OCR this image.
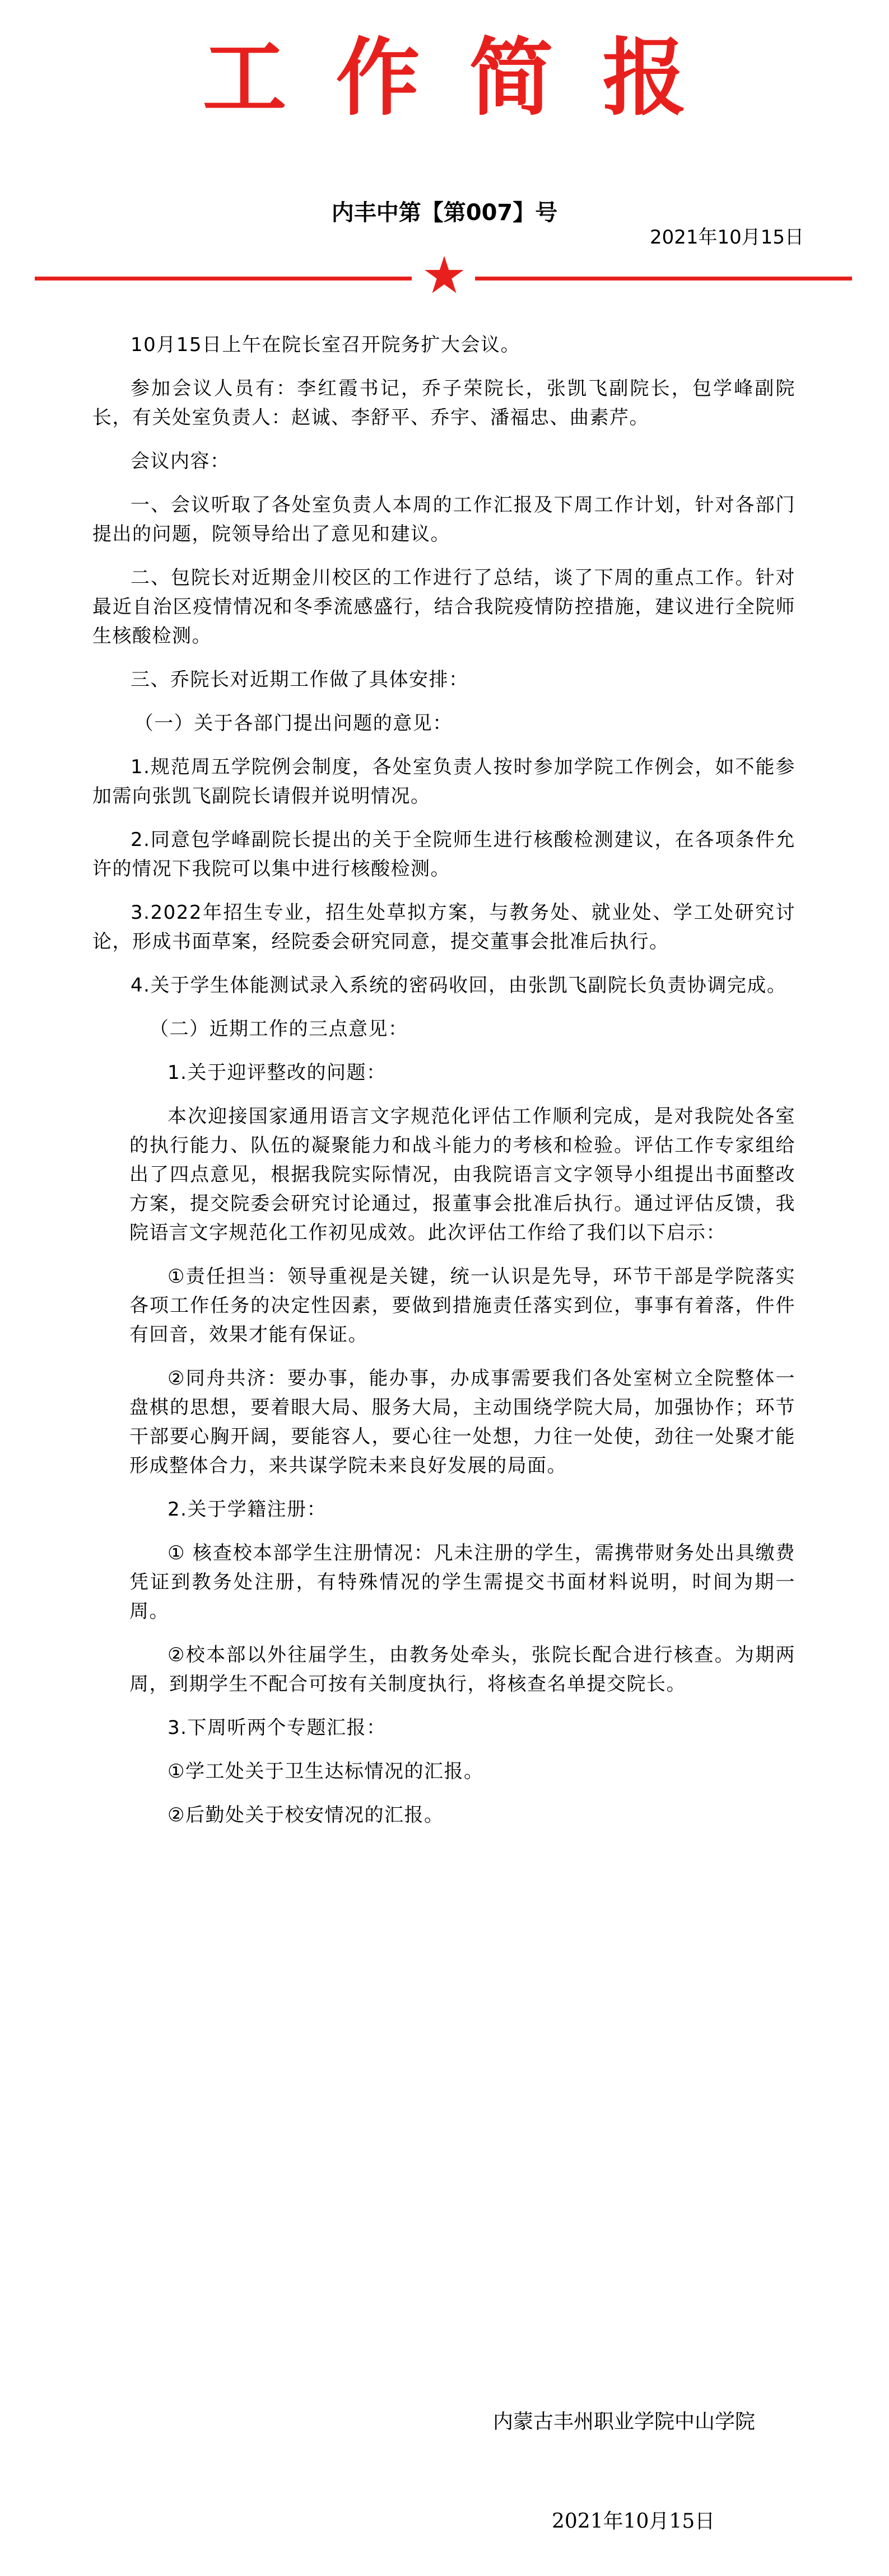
工作简报
内丰中第【第007】号
2021年10月15日

10月15日上午在院长室召开院务扩大会议。

参加会议人员有：李红霞书记，乔子荣院长，张凯飞副院长，包学峰副院长，有关处室负责人：赵诚、李舒平、乔宇、潘福忠、曲素芹。

会议内容：

一、会议听取了各处室负责人本周的工作汇报及下周工作计划，针对各部门提出的问题，院领导给出了意见和建议。

二、包院长对近期金川校区的工作进行了总结，谈了下周的重点工作。针对最近自治区疫情情况和冬季流感盛行，结合我院疫情防控措施，建议进行全院师生核酸检测。

三、乔院长对近期工作做了具体安排：

（一）关于各部门提出问题的意见：

1.规范周五学院例会制度，各处室负责人按时参加学院工作例会，如不能参加需向张凯飞副院长请假并说明情况。

2.同意包学峰副院长提出的关于全院师生进行核酸检测建议，在各项条件允许的情况下我院可以集中进行核酸检测。

3.2022年招生专业，招生处草拟方案，与教务处、就业处、学工处研究讨论，形成书面草案，经院委会研究同意，提交董事会批准后执行。

4.关于学生体能测试录入系统的密码收回，由张凯飞副院长负责协调完成。

（二）近期工作的三点意见：

1.关于迎评整改的问题：

本次迎接国家通用语言文字规范化评估工作顺利完成，是对我院处各室的执行能力、队伍的凝聚能力和战斗能力的考核和检验。评估工作专家组给出了四点意见，根据我院实际情况，由我院语言文字领导小组提出书面整改方案，提交院委会研究讨论通过，报董事会批准后执行。通过评估反馈，我院语言文字规范化工作初见成效。此次评估工作给了我们以下启示：

①责任担当：领导重视是关键，统一认识是先导，环节干部是学院落实各项工作任务的决定性因素，要做到措施责任落实到位，事事有着落，件件有回音，效果才能有保证。

②同舟共济：要办事，能办事，办成事需要我们各处室树立全院整体一盘棋的思想，要着眼大局、服务大局，主动围绕学院大局，加强协作；环节干部要心胸开阔，要能容人，要心往一处想，力往一处使，劲往一处聚才能形成整体合力，来共谋学院未来良好发展的局面。

2.关于学籍注册：

① 核查校本部学生注册情况：凡未注册的学生，需携带财务处出具缴费凭证到教务处注册，有特殊情况的学生需提交书面材料说明，时间为期一周。

②校本部以外往届学生，由教务处牵头，张院长配合进行核查。为期两周，到期学生不配合可按有关制度执行，将核查名单提交院长。

3.下周听两个专题汇报：

①学工处关于卫生达标情况的汇报。

②后勤处关于校安情况的汇报。

内蒙古丰州职业学院中山学院
2021年10月15日
